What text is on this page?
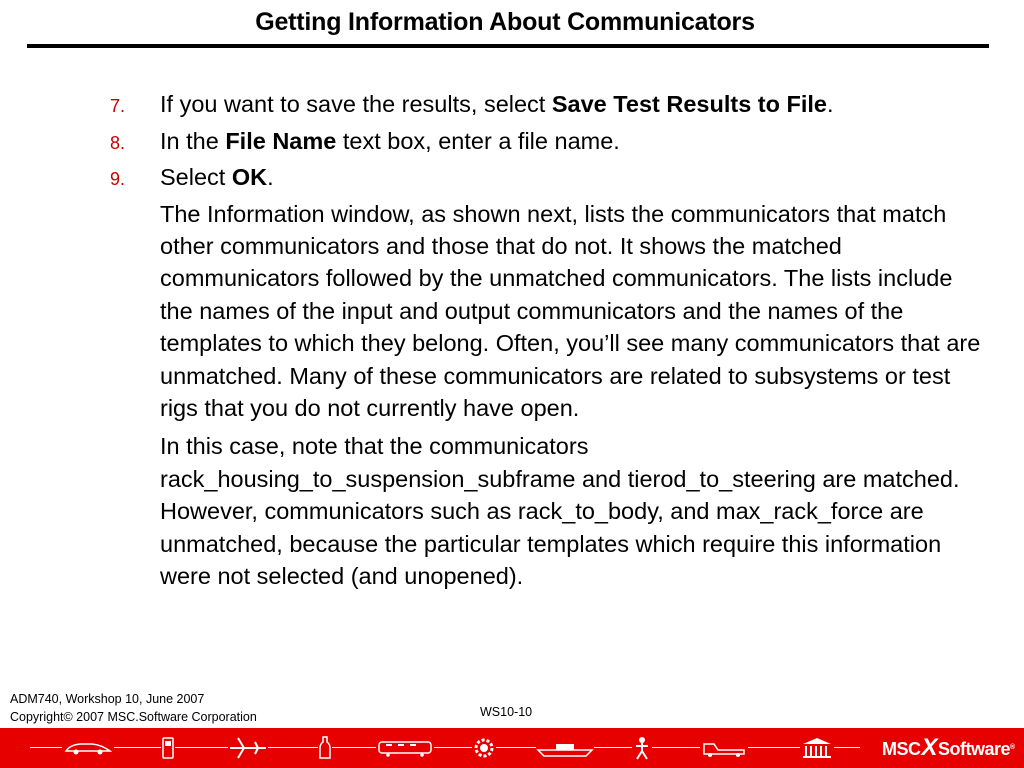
Getting Information About Communicators
7. If you want to save the results, select Save Test Results to File.
8. In the File Name text box, enter a file name.
9. Select OK.
The Information window, as shown next, lists the communicators that match other communicators and those that do not. It shows the matched communicators followed by the unmatched communicators. The lists include the names of the input and output communicators and the names of the templates to which they belong. Often, you’ll see many communicators that are unmatched. Many of these communicators are related to subsystems or test rigs that you do not currently have open.
In this case, note that the communicators rack_housing_to_suspension_subframe and tierod_to_steering are matched. However, communicators such as rack_to_body, and max_rack_force are unmatched, because the particular templates which require this information were not selected (and unopened).
ADM740, Workshop 10, June 2007
Copyright© 2007 MSC.Software Corporation	WS10-10
MSCXSoftware®
